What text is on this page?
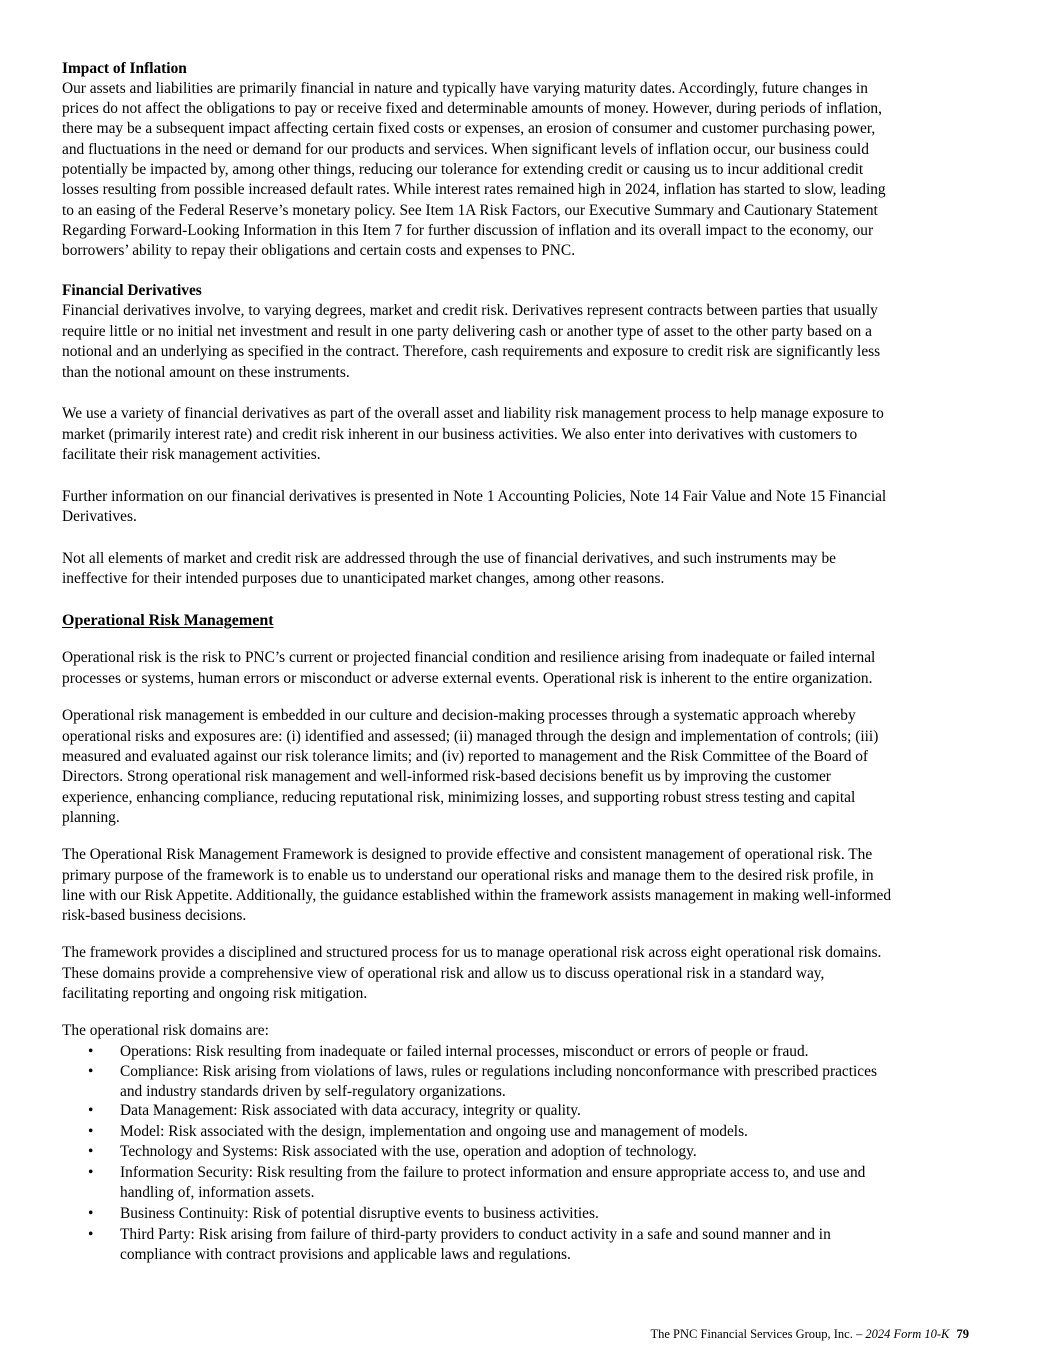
Impact of Inflation
Our assets and liabilities are primarily financial in nature and typically have varying maturity dates. Accordingly, future changes in
prices do not affect the obligations to pay or receive fixed and determinable amounts of money. However, during periods of inflation,
there may be a subsequent impact affecting certain fixed costs or expenses, an erosion of consumer and customer purchasing power,
and fluctuations in the need or demand for our products and services. When significant levels of inflation occur, our business could
potentially be impacted by, among other things, reducing our tolerance for extending credit or causing us to incur additional credit
losses resulting from possible increased default rates. While interest rates remained high in 2024, inflation has started to slow, leading
to an easing of the Federal Reserve’s monetary policy. See Item 1A Risk Factors, our Executive Summary and Cautionary Statement
Regarding Forward-Looking Information in this Item 7 for further discussion of inflation and its overall impact to the economy, our
borrowers’ ability to repay their obligations and certain costs and expenses to PNC.
Financial Derivatives
Financial derivatives involve, to varying degrees, market and credit risk. Derivatives represent contracts between parties that usually
require little or no initial net investment and result in one party delivering cash or another type of asset to the other party based on a
notional and an underlying as specified in the contract. Therefore, cash requirements and exposure to credit risk are significantly less
than the notional amount on these instruments.
We use a variety of financial derivatives as part of the overall asset and liability risk management process to help manage exposure to
market (primarily interest rate) and credit risk inherent in our business activities. We also enter into derivatives with customers to
facilitate their risk management activities.
Further information on our financial derivatives is presented in Note 1 Accounting Policies, Note 14 Fair Value and Note 15 Financial
Derivatives.
Not all elements of market and credit risk are addressed through the use of financial derivatives, and such instruments may be
ineffective for their intended purposes due to unanticipated market changes, among other reasons.
Operational Risk Management
Operational risk is the risk to PNC’s current or projected financial condition and resilience arising from inadequate or failed internal
processes or systems, human errors or misconduct or adverse external events. Operational risk is inherent to the entire organization.
Operational risk management is embedded in our culture and decision-making processes through a systematic approach whereby
operational risks and exposures are: (i) identified and assessed; (ii) managed through the design and implementation of controls; (iii)
measured and evaluated against our risk tolerance limits; and (iv) reported to management and the Risk Committee of the Board of
Directors. Strong operational risk management and well-informed risk-based decisions benefit us by improving the customer
experience, enhancing compliance, reducing reputational risk, minimizing losses, and supporting robust stress testing and capital
planning.
The Operational Risk Management Framework is designed to provide effective and consistent management of operational risk. The
primary purpose of the framework is to enable us to understand our operational risks and manage them to the desired risk profile, in
line with our Risk Appetite. Additionally, the guidance established within the framework assists management in making well-informed
risk-based business decisions.
The framework provides a disciplined and structured process for us to manage operational risk across eight operational risk domains.
These domains provide a comprehensive view of operational risk and allow us to discuss operational risk in a standard way,
facilitating reporting and ongoing risk mitigation.
The operational risk domains are:
• Operations: Risk resulting from inadequate or failed internal processes, misconduct or errors of people or fraud.
• Compliance: Risk arising from violations of laws, rules or regulations including nonconformance with prescribed practices
and industry standards driven by self-regulatory organizations.
• Data Management: Risk associated with data accuracy, integrity or quality.
• Model: Risk associated with the design, implementation and ongoing use and management of models.
• Technology and Systems: Risk associated with the use, operation and adoption of technology.
• Information Security: Risk resulting from the failure to protect information and ensure appropriate access to, and use and
handling of, information assets.
• Business Continuity: Risk of potential disruptive events to business activities.
• Third Party: Risk arising from failure of third-party providers to conduct activity in a safe and sound manner and in
compliance with contract provisions and applicable laws and regulations.
The PNC Financial Services Group, Inc. – 2024 Form 10-K 79
